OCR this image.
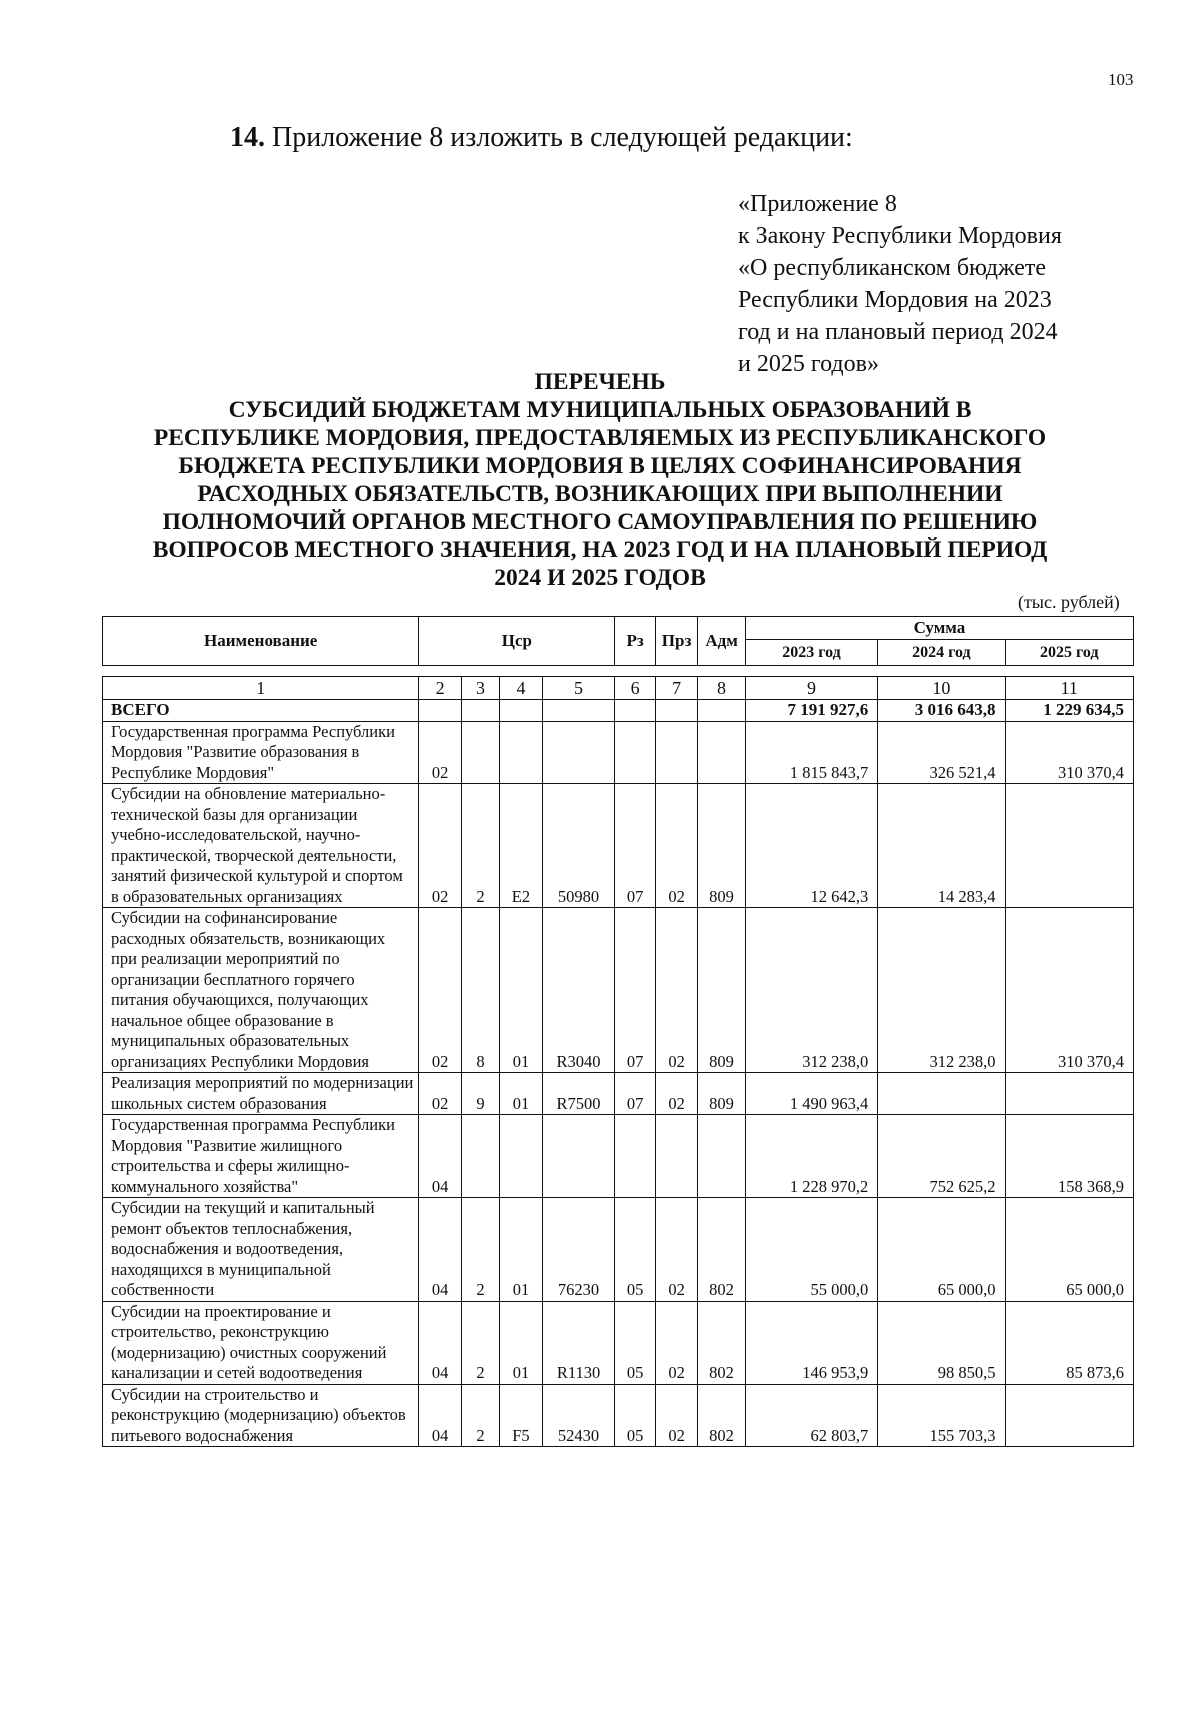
103
14. Приложение 8 изложить в следующей редакции:
«Приложение 8
к Закону Республики Мордовия
«О республиканском бюджете
Республики Мордовия на 2023
год и на плановый период 2024
и 2025 годов»
ПЕРЕЧЕНЬ
СУБСИДИЙ БЮДЖЕТАМ МУНИЦИПАЛЬНЫХ ОБРАЗОВАНИЙ В
РЕСПУБЛИКЕ МОРДОВИЯ, ПРЕДОСТАВЛЯЕМЫХ ИЗ РЕСПУБЛИКАНСКОГО
БЮДЖЕТА РЕСПУБЛИКИ МОРДОВИЯ В ЦЕЛЯХ СОФИНАНСИРОВАНИЯ
РАСХОДНЫХ ОБЯЗАТЕЛЬСТВ, ВОЗНИКАЮЩИХ ПРИ ВЫПОЛНЕНИИ
ПОЛНОМОЧИЙ ОРГАНОВ МЕСТНОГО САМОУПРАВЛЕНИЯ ПО РЕШЕНИЮ
ВОПРОСОВ МЕСТНОГО ЗНАЧЕНИЯ, НА 2023 ГОД И НА ПЛАНОВЫЙ ПЕРИОД
2024 И 2025 ГОДОВ
(тыс. рублей)
Наименование	Цср	Рз	Прз	Адм	Сумма		
					2023 год	2024 год	2025 год
1	2	3	4	5	6	7	8	9	10	11
ВСЕГО								7 191 927,6	3 016 643,8	1 229 634,5
Государственная программа Республики Мордовия "Развитие образования в Республике Мордовия"	02							1 815 843,7	326 521,4	310 370,4
Субсидии на обновление материально-технической базы для организации учебно-исследовательской, научно-практической, творческой деятельности, занятий физической культурой и спортом в образовательных организациях	02	2	E2	50980	07	02	809	12 642,3	14 283,4	
Субсидии на софинансирование расходных обязательств, возникающих при реализации мероприятий по организации бесплатного горячего питания обучающихся, получающих начальное общее образование в муниципальных образовательных организациях Республики Мордовия	02	8	01	R3040	07	02	809	312 238,0	312 238,0	310 370,4
Реализация мероприятий по модернизации школьных систем образования	02	9	01	R7500	07	02	809	1 490 963,4		
Государственная программа Республики Мордовия "Развитие жилищного строительства и сферы жилищно-коммунального хозяйства"	04							1 228 970,2	752 625,2	158 368,9
Субсидии на текущий и капитальный ремонт объектов теплоснабжения, водоснабжения и водоотведения, находящихся в муниципальной собственности	04	2	01	76230	05	02	802	55 000,0	65 000,0	65 000,0
Субсидии на проектирование и строительство, реконструкцию (модернизацию) очистных сооружений канализации и сетей водоотведения	04	2	01	R1130	05	02	802	146 953,9	98 850,5	85 873,6
Субсидии на строительство и реконструкцию (модернизацию) объектов питьевого водоснабжения	04	2	F5	52430	05	02	802	62 803,7	155 703,3	
